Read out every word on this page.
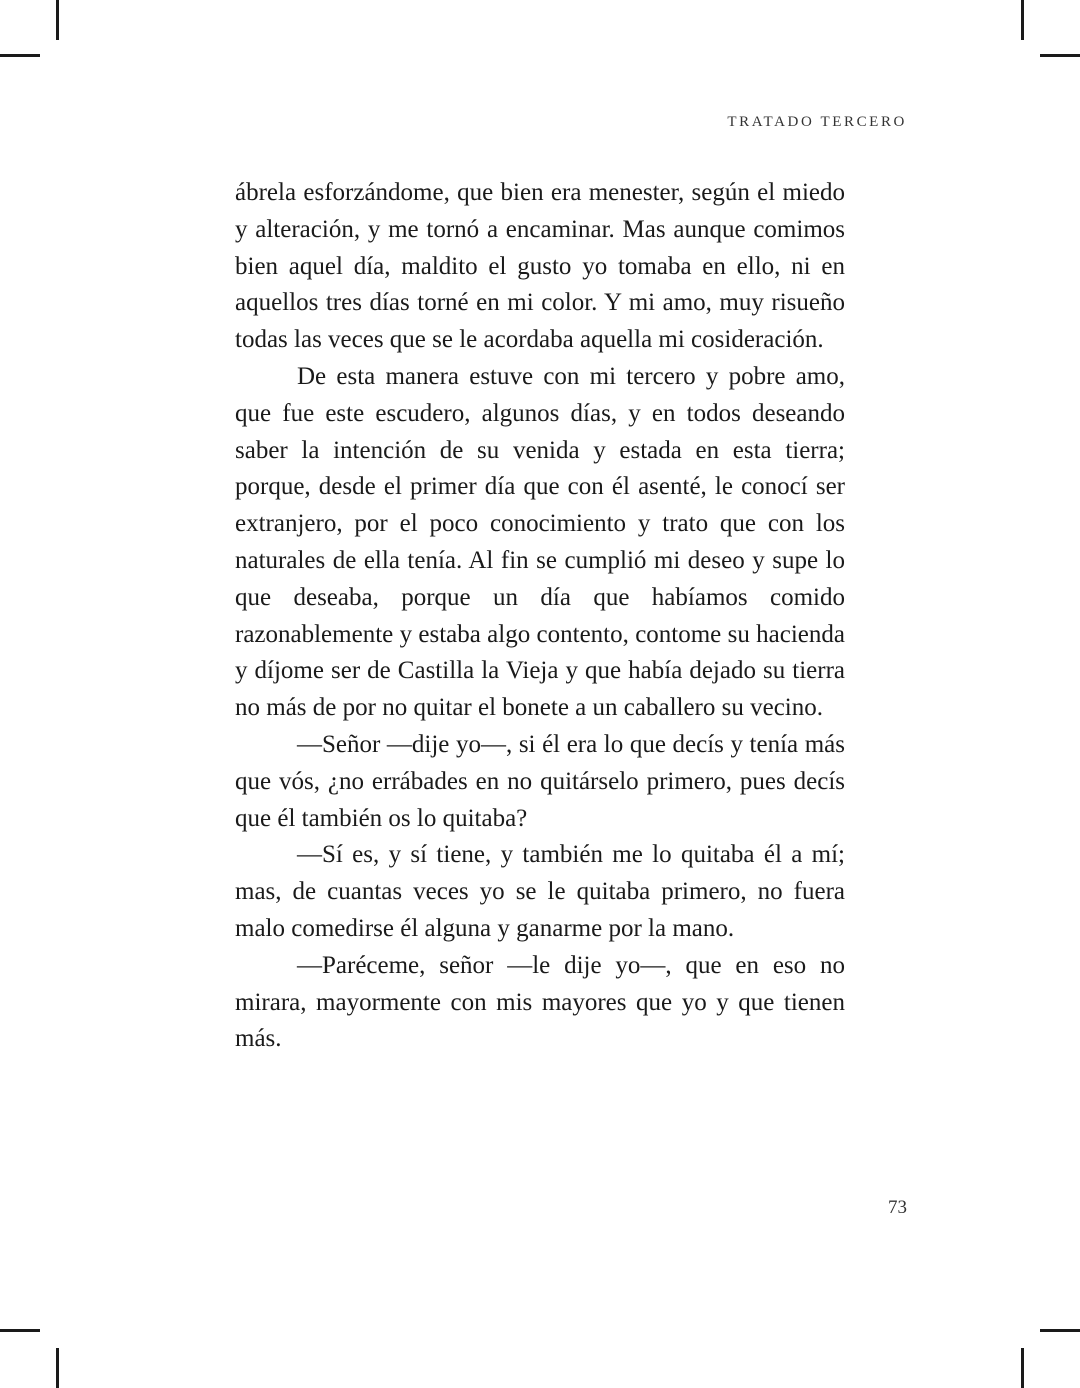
TRATADO TERCERO

ábrela esforzándome, que bien era menester, según el miedo y alteración, y me tornó a encaminar. Mas aunque comimos bien aquel día, maldito el gusto yo tomaba en ello, ni en aquellos tres días torné en mi color. Y mi amo, muy risueño todas las veces que se le acordaba aquella mi cosideración.

De esta manera estuve con mi tercero y pobre amo, que fue este escudero, algunos días, y en todos deseando saber la intención de su venida y estada en esta tierra; porque, desde el primer día que con él asenté, le conocí ser extranjero, por el poco conocimiento y trato que con los naturales de ella tenía. Al fin se cumplió mi deseo y supe lo que deseaba, porque un día que habíamos comido razonablemente y estaba algo contento, contome su hacienda y díjome ser de Castilla la Vieja y que había dejado su tierra no más de por no quitar el bonete a un caballero su vecino.

—Señor —dije yo—, si él era lo que decís y tenía más que vós, ¿no errábades en no quitárselo primero, pues decís que él también os lo quitaba?

—Sí es, y sí tiene, y también me lo quitaba él a mí; mas, de cuantas veces yo se le quitaba primero, no fuera malo comedirse él alguna y ganarme por la mano.

—Paréceme, señor —le dije yo—, que en eso no mirara, mayormente con mis mayores que yo y que tienen más.

73
